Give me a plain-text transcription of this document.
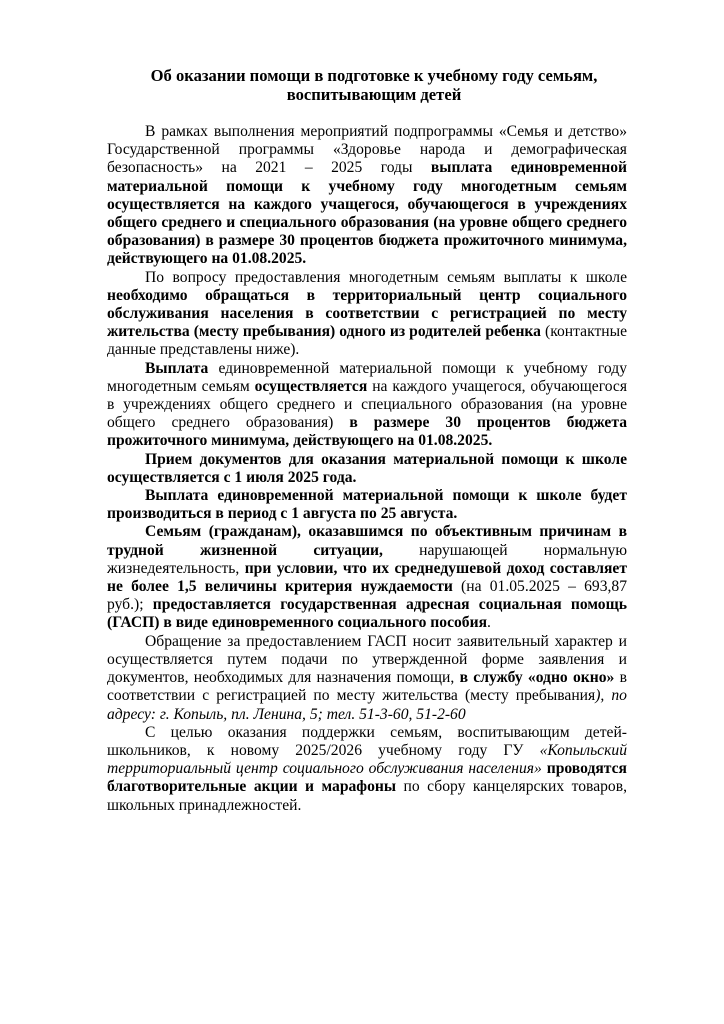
Об оказании помощи в подготовке к учебному году семьям,
воспитывающим детей

В рамках выполнения мероприятий подпрограммы «Семья и детство» Государственной программы «Здоровье народа и демографическая безопасность» на 2021 – 2025 годы выплата единовременной материальной помощи к учебному году многодетным семьям осуществляется на каждого учащегося, обучающегося в учреждениях общего среднего и специального образования (на уровне общего среднего образования) в размере 30 процентов бюджета прожиточного минимума, действующего на 01.08.2025.

По вопросу предоставления многодетным семьям выплаты к школе необходимо обращаться в территориальный центр социального обслуживания населения в соответствии с регистрацией по месту жительства (месту пребывания) одного из родителей ребенка (контактные данные представлены ниже).

Выплата единовременной материальной помощи к учебному году многодетным семьям осуществляется на каждого учащегося, обучающегося в учреждениях общего среднего и специального образования (на уровне общего среднего образования) в размере 30 процентов бюджета прожиточного минимума, действующего на 01.08.2025.

Прием документов для оказания материальной помощи к школе осуществляется с 1 июля 2025 года.

Выплата единовременной материальной помощи к школе будет производиться в период с 1 августа по 25 августа.

Семьям (гражданам), оказавшимся по объективным причинам в трудной жизненной ситуации, нарушающей нормальную жизнедеятельность, при условии, что их среднедушевой доход составляет не более 1,5 величины критерия нуждаемости (на 01.05.2025 – 693,87 руб.); предоставляется государственная адресная социальная помощь (ГАСП) в виде единовременного социального пособия.

Обращение за предоставлением ГАСП носит заявительный характер и осуществляется путем подачи по утвержденной форме заявления и документов, необходимых для назначения помощи, в службу «одно окно» в соответствии с регистрацией по месту жительства (месту пребывания), по адресу: г. Копыль, пл. Ленина, 5; тел. 51-3-60, 51-2-60

С целью оказания поддержки семьям, воспитывающим детей-школьников, к новому 2025/2026 учебному году ГУ «Копыльский территориальный центр социального обслуживания населения» проводятся благотворительные акции и марафоны по сбору канцелярских товаров, школьных принадлежностей.
